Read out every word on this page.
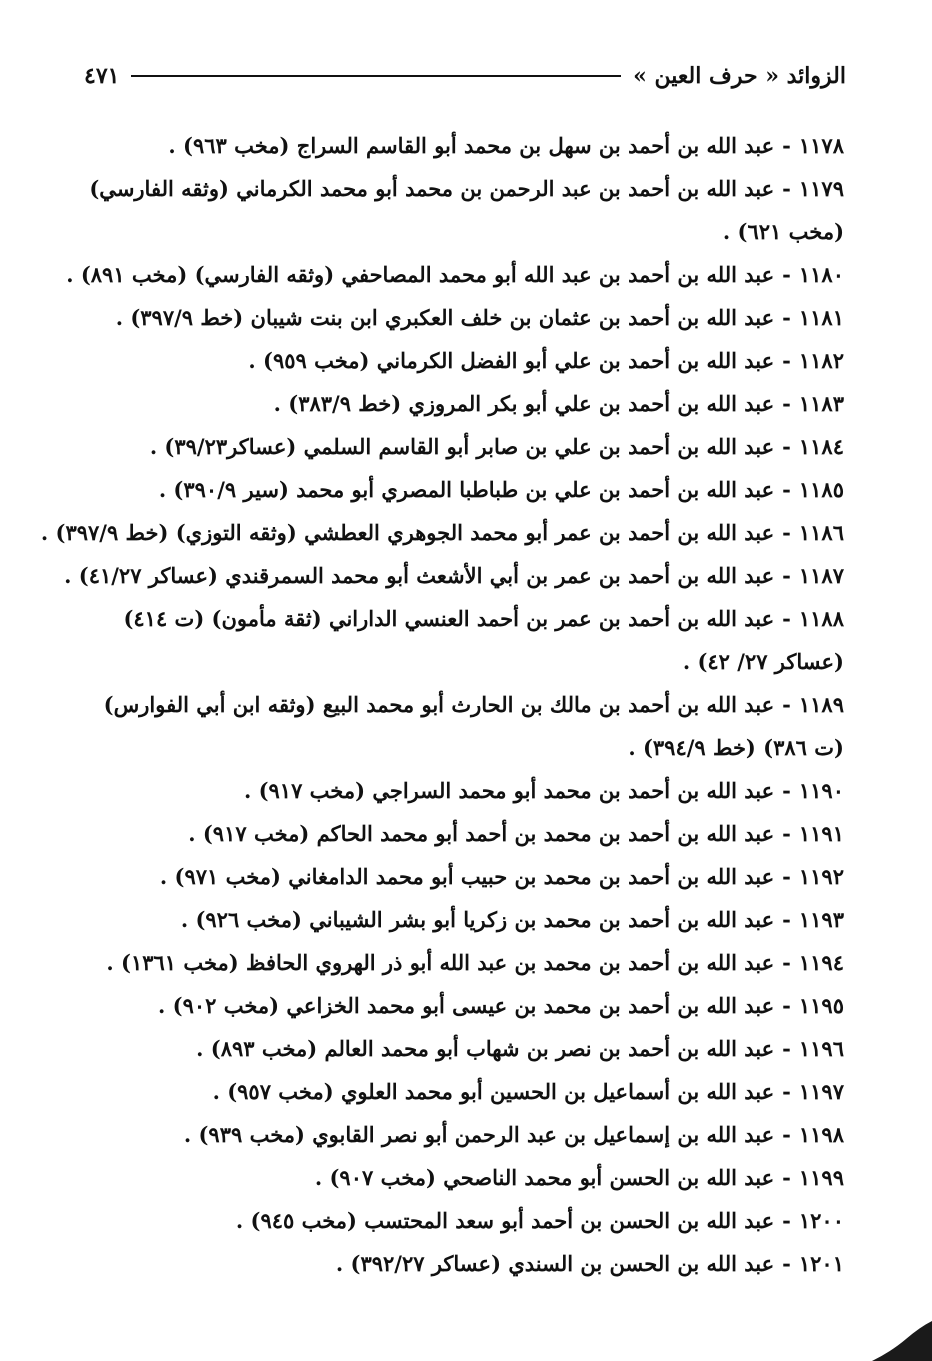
الزوائد « حرف العين »
٤٧١
١١٧٨-عبد الله بن أحمد بن سهل بن محمد أبو القاسم السراج (مخب ٩٦٣) .
١١٧٩-عبد الله بن أحمد بن عبد الرحمن بن محمد أبو محمد الكرماني (وثقه الفارسي) (مخب ٦٢١) .
١١٨٠-عبد الله بن أحمد بن عبد الله أبو محمد المصاحفي (وثقه الفارسي) (مخب ٨٩١) .
١١٨١-عبد الله بن أحمد بن عثمان بن خلف العكبري ابن بنت شيبان (خط ٣٩٧/٩) .
١١٨٢-عبد الله بن أحمد بن علي أبو الفضل الكرماني (مخب ٩٥٩) .
١١٨٣-عبد الله بن أحمد بن علي أبو بكر المروزي (خط ٣٨٣/٩) .
١١٨٤-عبد الله بن أحمد بن علي بن صابر أبو القاسم السلمي (عساكر٣٩/٢٣) .
١١٨٥-عبد الله بن أحمد بن علي بن طباطبا المصري أبو محمد (سير ٣٩٠/٩) .
١١٨٦-عبد الله بن أحمد بن عمر أبو محمد الجوهري العطشي (وثقه التوزي) (خط ٣٩٧/٩) .
١١٨٧-عبد الله بن أحمد بن عمر بن أبي الأشعث أبو محمد السمرقندي (عساكر ٤١/٢٧) .
١١٨٨-عبد الله بن أحمد بن عمر بن أحمد العنسي الداراني (ثقة مأمون) (ت ٤١٤) (عساكر ٢٧/ ٤٢) .
١١٨٩-عبد الله بن أحمد بن مالك بن الحارث أبو محمد البيع (وثقه ابن أبي الفوارس) (ت ٣٨٦) (خط ٣٩٤/٩) .
١١٩٠-عبد الله بن أحمد بن محمد أبو محمد السراجي (مخب ٩١٧) .
١١٩١-عبد الله بن أحمد بن محمد بن أحمد أبو محمد الحاكم (مخب ٩١٧) .
١١٩٢-عبد الله بن أحمد بن محمد بن حبيب أبو محمد الدامغاني (مخب ٩٧١) .
١١٩٣-عبد الله بن أحمد بن محمد بن زكريا أبو بشر الشيباني (مخب ٩٢٦) .
١١٩٤-عبد الله بن أحمد بن محمد بن عبد الله أبو ذر الهروي الحافظ (مخب ١٣٦١) .
١١٩٥-عبد الله بن أحمد بن محمد بن عيسى أبو محمد الخزاعي (مخب ٩٠٢) .
١١٩٦-عبد الله بن أحمد بن نصر بن شهاب أبو محمد العالم (مخب ٨٩٣) .
١١٩٧-عبد الله بن أسماعيل بن الحسين أبو محمد العلوي (مخب ٩٥٧) .
١١٩٨-عبد الله بن إسماعيل بن عبد الرحمن أبو نصر القابوي (مخب ٩٣٩) .
١١٩٩-عبد الله بن الحسن أبو محمد الناصحي (مخب ٩٠٧) .
١٢٠٠-عبد الله بن الحسن بن أحمد أبو سعد المحتسب (مخب ٩٤٥) .
١٢٠١-عبد الله بن الحسن بن السندي (عساكر ٣٩٢/٢٧) .
